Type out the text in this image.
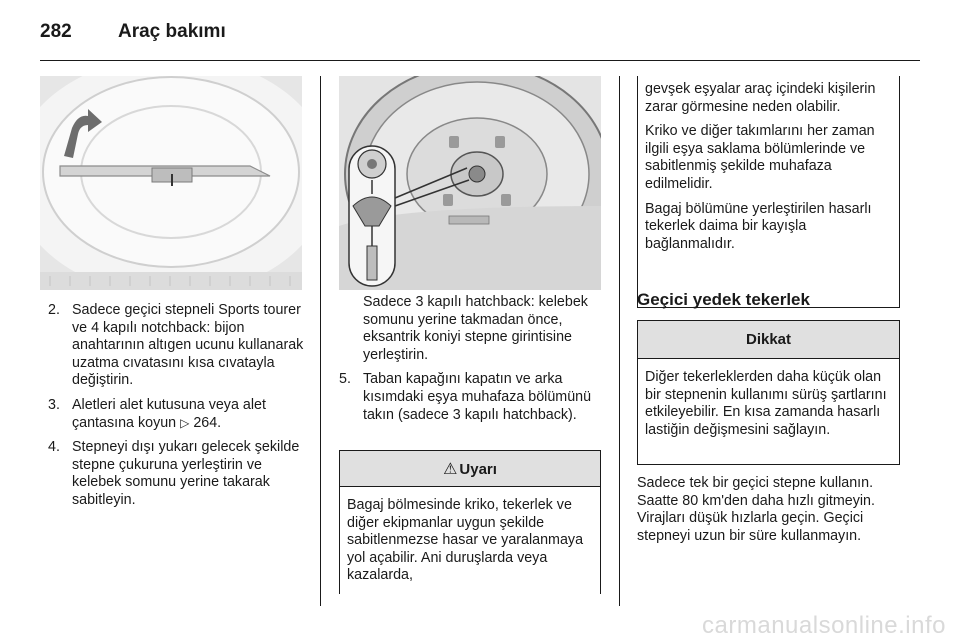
282 Araç bakımı
2. Sadece geçici stepneli Sports tourer ve 4 kapılı notchback: bijon anahtarının altıgen ucunu kullanarak uzatma cıvatasını kısa cıvatayla değiştirin.
3. Aletleri alet kutusuna veya alet çantasına koyun ▷ 264.
4. Stepneyi dışı yukarı gelecek şekilde stepne çukuruna yerleştirin ve kelebek somunu yerine takarak sabitleyin.

Sadece 3 kapılı hatchback: kelebek somunu yerine takmadan önce, eksantrik koniyi stepne girintisine yerleştirin.

5. Taban kapağını kapatın ve arka kısımdaki eşya muhafaza bölümünü takın (sadece 3 kapılı hatchback).
⚠ Uyarı

Bagaj bölmesinde kriko, tekerlek ve diğer ekipmanlar uygun şekilde sabitlenmezse hasar ve yaralanmaya yol açabilir. Ani duruşlarda veya kazalarda,

gevşek eşyalar araç içindeki kişilerin zarar görmesine neden olabilir.

Kriko ve diğer takımlarını her zaman ilgili eşya saklama bölümlerinde ve sabitlenmiş şekilde muhafaza edilmelidir.

Bagaj bölümüne yerleştirilen hasarlı tekerlek daima bir kayışla bağlanmalıdır.

Geçici yedek tekerlek
Dikkat

Diğer tekerleklerden daha küçük olan bir stepnenin kullanımı sürüş şartlarını etkileyebilir. En kısa zamanda hasarlı lastiğin değişmesini sağlayın.

Sadece tek bir geçici stepne kullanın. Saatte 80 km'den daha hızlı gitmeyin. Virajları düşük hızlarla geçin. Geçici stepneyi uzun bir süre kullanmayın.

carmanualsonline.info
